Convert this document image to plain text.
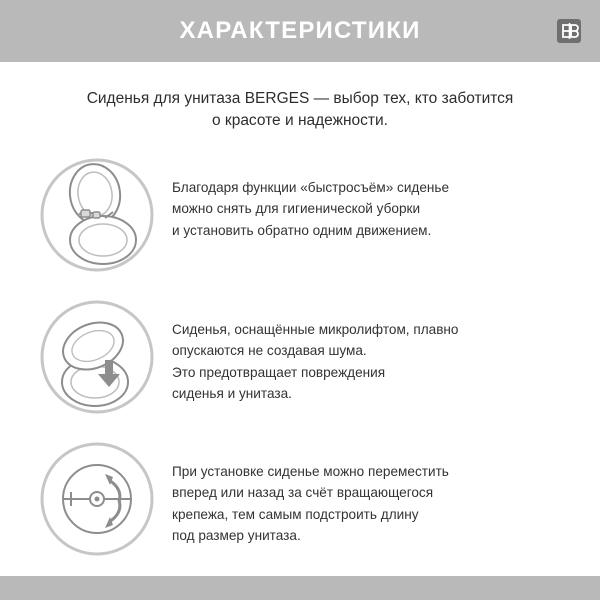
ХАРАКТЕРИСТИКИ
Сиденья для унитаза BERGES — выбор тех, кто заботится
о красоте и надежности.

Благодаря функции «быстросъём» сиденье

можно снять для гигиенической уборки

и установить обратно одним движением.

Сиденья, оснащённые микролифтом, плавно

опускаются не создавая шума.

Это предотвращает повреждения

сиденья и унитаза.

При установке сиденье можно переместить

вперед или назад за счёт вращающегося

крепежа, тем самым подстроить длину

под размер унитаза.
